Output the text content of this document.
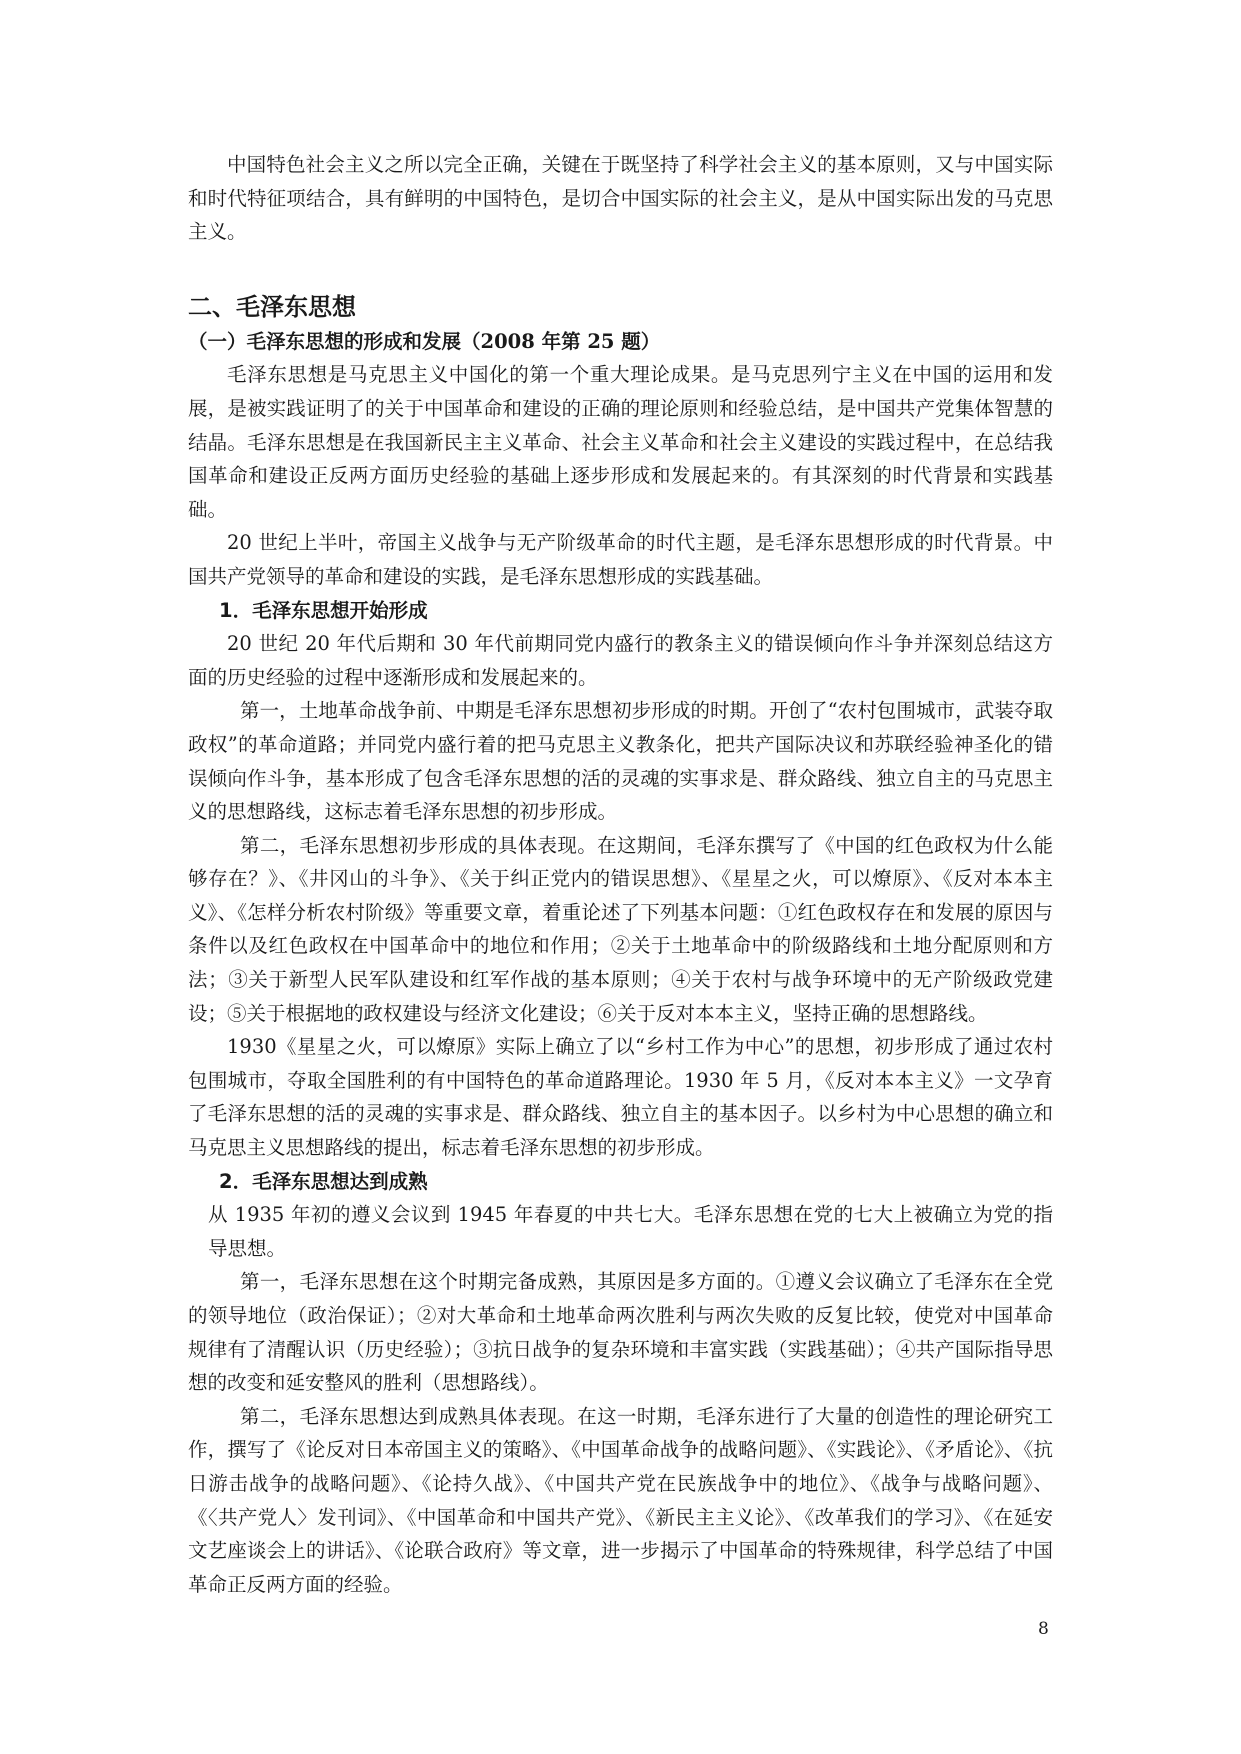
中国特色社会主义之所以完全正确，关键在于既坚持了科学社会主义的基本原则，又与中国实际和时代特征项结合，具有鲜明的中国特色，是切合中国实际的社会主义，是从中国实际出发的马克思主义。

二、毛泽东思想
（一）毛泽东思想的形成和发展（2008 年第 25 题）

毛泽东思想是马克思主义中国化的第一个重大理论成果。是马克思列宁主义在中国的运用和发展，是被实践证明了的关于中国革命和建设的正确的理论原则和经验总结，是中国共产党集体智慧的结晶。毛泽东思想是在我国新民主主义革命、社会主义革命和社会主义建设的实践过程中，在总结我国革命和建设正反两方面历史经验的基础上逐步形成和发展起来的。有其深刻的时代背景和实践基础。

20 世纪上半叶，帝国主义战争与无产阶级革命的时代主题，是毛泽东思想形成的时代背景。中国共产党领导的革命和建设的实践，是毛泽东思想形成的实践基础。

1．毛泽东思想开始形成

20 世纪 20 年代后期和 30 年代前期同党内盛行的教条主义的错误倾向作斗争并深刻总结这方面的历史经验的过程中逐渐形成和发展起来的。

第一，土地革命战争前、中期是毛泽东思想初步形成的时期。开创了“农村包围城市，武装夺取政权”的革命道路；并同党内盛行着的把马克思主义教条化，把共产国际决议和苏联经验神圣化的错误倾向作斗争，基本形成了包含毛泽东思想的活的灵魂的实事求是、群众路线、独立自主的马克思主义的思想路线，这标志着毛泽东思想的初步形成。

第二，毛泽东思想初步形成的具体表现。在这期间，毛泽东撰写了《中国的红色政权为什么能够存在？》、《井冈山的斗争》、《关于纠正党内的错误思想》、《星星之火，可以燎原》、《反对本本主义》、《怎样分析农村阶级》等重要文章，着重论述了下列基本问题：①红色政权存在和发展的原因与条件以及红色政权在中国革命中的地位和作用；②关于土地革命中的阶级路线和土地分配原则和方法；③关于新型人民军队建设和红军作战的基本原则；④关于农村与战争环境中的无产阶级政党建设；⑤关于根据地的政权建设与经济文化建设；⑥关于反对本本主义，坚持正确的思想路线。

1930《星星之火，可以燎原》实际上确立了以“乡村工作为中心”的思想，初步形成了通过农村包围城市，夺取全国胜利的有中国特色的革命道路理论。1930 年 5 月，《反对本本主义》一文孕育了毛泽东思想的活的灵魂的实事求是、群众路线、独立自主的基本因子。以乡村为中心思想的确立和马克思主义思想路线的提出，标志着毛泽东思想的初步形成。

2．毛泽东思想达到成熟

从 1935 年初的遵义会议到 1945 年春夏的中共七大。毛泽东思想在党的七大上被确立为党的指导思想。

第一，毛泽东思想在这个时期完备成熟，其原因是多方面的。①遵义会议确立了毛泽东在全党的领导地位（政治保证）；②对大革命和土地革命两次胜利与两次失败的反复比较，使党对中国革命规律有了清醒认识（历史经验）；③抗日战争的复杂环境和丰富实践（实践基础）；④共产国际指导思想的改变和延安整风的胜利（思想路线）。

第二，毛泽东思想达到成熟具体表现。在这一时期，毛泽东进行了大量的创造性的理论研究工作，撰写了《论反对日本帝国主义的策略》、《中国革命战争的战略问题》、《实践论》、《矛盾论》、《抗日游击战争的战略问题》、《论持久战》、《中国共产党在民族战争中的地位》、《战争与战略问题》、《〈共产党人〉发刊词》、《中国革命和中国共产党》、《新民主主义论》、《改革我们的学习》、《在延安文艺座谈会上的讲话》、《论联合政府》等文章，进一步揭示了中国革命的特殊规律，科学总结了中国革命正反两方面的经验。

8
